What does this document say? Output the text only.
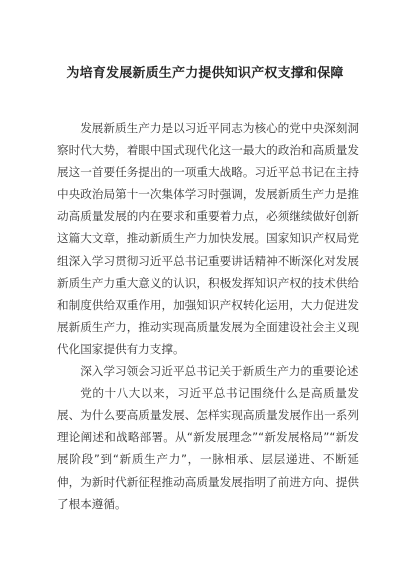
为培育发展新质生产力提供知识产权支撑和保障

发展新质生产力是以习近平同志为核心的党中央深刻洞察时代大势，着眼中国式现代化这一最大的政治和高质量发展这一首要任务提出的一项重大战略。习近平总书记在主持中央政治局第十一次集体学习时强调，发展新质生产力是推动高质量发展的内在要求和重要着力点，必须继续做好创新这篇大文章，推动新质生产力加快发展。国家知识产权局党组深入学习贯彻习近平总书记重要讲话精神不断深化对发展新质生产力重大意义的认识，积极发挥知识产权的技术供给和制度供给双重作用，加强知识产权转化运用，大力促进发展新质生产力，推动实现高质量发展为全面建设社会主义现代化国家提供有力支撑。

深入学习领会习近平总书记关于新质生产力的重要论述

党的十八大以来，习近平总书记围绕什么是高质量发展、为什么要高质量发展、怎样实现高质量发展作出一系列理论阐述和战略部署。从“新发展理念”“新发展格局”“新发展阶段”到“新质生产力”，一脉相承、层层递进、不断延伸，为新时代新征程推动高质量发展指明了前进方向、提供了根本遵循。
